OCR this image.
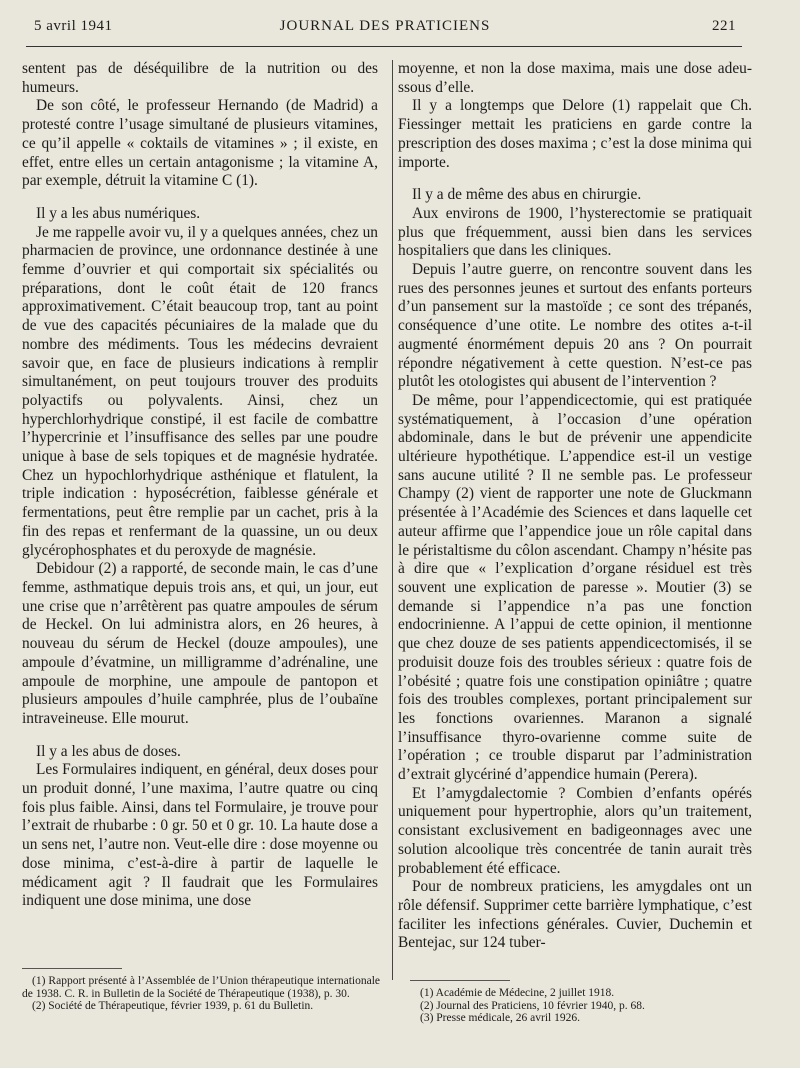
5 avril 1941	JOURNAL DES PRATICIENS	221

sentent pas de déséquilibre de la nutrition ou des humeurs.

De son côté, le professeur Hernando (de Madrid) a protesté contre l’usage simultané de plusieurs vitamines, ce qu’il appelle « coktails de vitamines » ; il existe, en effet, entre elles un certain antagonisme ; la vitamine A, par exemple, détruit la vitamine C (1).

Il y a les abus numériques.

Je me rappelle avoir vu, il y a quelques années, chez un pharmacien de province, une ordonnance destinée à une femme d’ouvrier et qui comportait six spécialités ou préparations, dont le coût était de 120 francs approximativement. C’était beaucoup trop, tant au point de vue des capacités pécuniaires de la malade que du nombre des médiments. Tous les médecins devraient savoir que, en face de plusieurs indications à remplir simultanément, on peut toujours trouver des produits polyactifs ou polyvalents. Ainsi, chez un hyperchlorhydrique constipé, il est facile de combattre l’hypercrinie et l’insuffisance des selles par une poudre unique à base de sels topiques et de magnésie hydratée. Chez un hypochlorhydrique asthénique et flatulent, la triple indication : hyposécrétion, faiblesse générale et fermentations, peut être remplie par un cachet, pris à la fin des repas et renfermant de la quassine, un ou deux glycérophosphates et du peroxyde de magnésie.

Debidour (2) a rapporté, de seconde main, le cas d’une femme, asthmatique depuis trois ans, et qui, un jour, eut une crise que n’arrêtèrent pas quatre ampoules de sérum de Heckel. On lui administra alors, en 26 heures, à nouveau du sérum de Heckel (douze ampoules), une ampoule d’évatmine, un milligramme d’adrénaline, une ampoule de morphine, une ampoule de pantopon et plusieurs ampoules d’huile camphrée, plus de l’oubaïne intraveineuse. Elle mourut.

Il y a les abus de doses.

Les Formulaires indiquent, en général, deux doses pour un produit donné, l’une maxima, l’autre quatre ou cinq fois plus faible. Ainsi, dans tel Formulaire, je trouve pour l’extrait de rhubarbe : 0 gr. 50 et 0 gr. 10. La haute dose a un sens net, l’autre non. Veut-elle dire : dose moyenne ou dose minima, c’est-à-dire à partir de laquelle le médicament agit ? Il faudrait que les Formulaires indiquent une dose minima, une dose

moyenne, et non la dose maxima, mais une dose adeu-ssous d’elle.

Il y a longtemps que Delore (1) rappelait que Ch. Fiessinger mettait les praticiens en garde contre la prescription des doses maxima ; c’est la dose minima qui importe.

Il y a de même des abus en chirurgie.

Aux environs de 1900, l’hysterectomie se pratiquait plus que fréquemment, aussi bien dans les services hospitaliers que dans les cliniques.

Depuis l’autre guerre, on rencontre souvent dans les rues des personnes jeunes et surtout des enfants porteurs d’un pansement sur la mastoïde ; ce sont des trépanés, conséquence d’une otite. Le nombre des otites a-t-il augmenté énormément depuis 20 ans ? On pourrait répondre négativement à cette question. N’est-ce pas plutôt les otologistes qui abusent de l’intervention ?

De même, pour l’appendicectomie, qui est pratiquée systématiquement, à l’occasion d’une opération abdominale, dans le but de prévenir une appendicite ultérieure hypothétique. L’appendice est-il un vestige sans aucune utilité ? Il ne semble pas. Le professeur Champy (2) vient de rapporter une note de Gluckmann présentée à l’Académie des Sciences et dans laquelle cet auteur affirme que l’appendice joue un rôle capital dans le péristaltisme du côlon ascendant. Champy n’hésite pas à dire que « l’explication d’organe résiduel est très souvent une explication de paresse ». Moutier (3) se demande si l’appendice n’a pas une fonction endocrinienne. A l’appui de cette opinion, il mentionne que chez douze de ses patients appendicectomisés, il se produisit douze fois des troubles sérieux : quatre fois de l’obésité ; quatre fois une constipation opiniâtre ; quatre fois des troubles complexes, portant principalement sur les fonctions ovariennes. Maranon a signalé l’insuffisance thyro-ovarienne comme suite de l’opération ; ce trouble disparut par l’administration d’extrait glycériné d’appendice humain (Perera).

Et l’amygdalectomie ? Combien d’enfants opérés uniquement pour hypertrophie, alors qu’un traitement, consistant exclusivement en badigeonnages avec une solution alcoolique très concentrée de tanin aurait très probablement été efficace.

Pour de nombreux praticiens, les amygdales ont un rôle défensif. Supprimer cette barrière lymphatique, c’est faciliter les infections générales. Cuvier, Duchemin et Bentejac, sur 124 tuber-

(1) Rapport présenté à l’Assemblée de l’Union thérapeutique internationale de 1938. C. R. in Bulletin de la Société de Thérapeutique (1938), p. 30.

(2) Société de Thérapeutique, février 1939, p. 61 du Bulletin.

(1) Académie de Médecine, 2 juillet 1918.

(2) Journal des Praticiens, 10 février 1940, p. 68.

(3) Presse médicale, 26 avril 1926.
